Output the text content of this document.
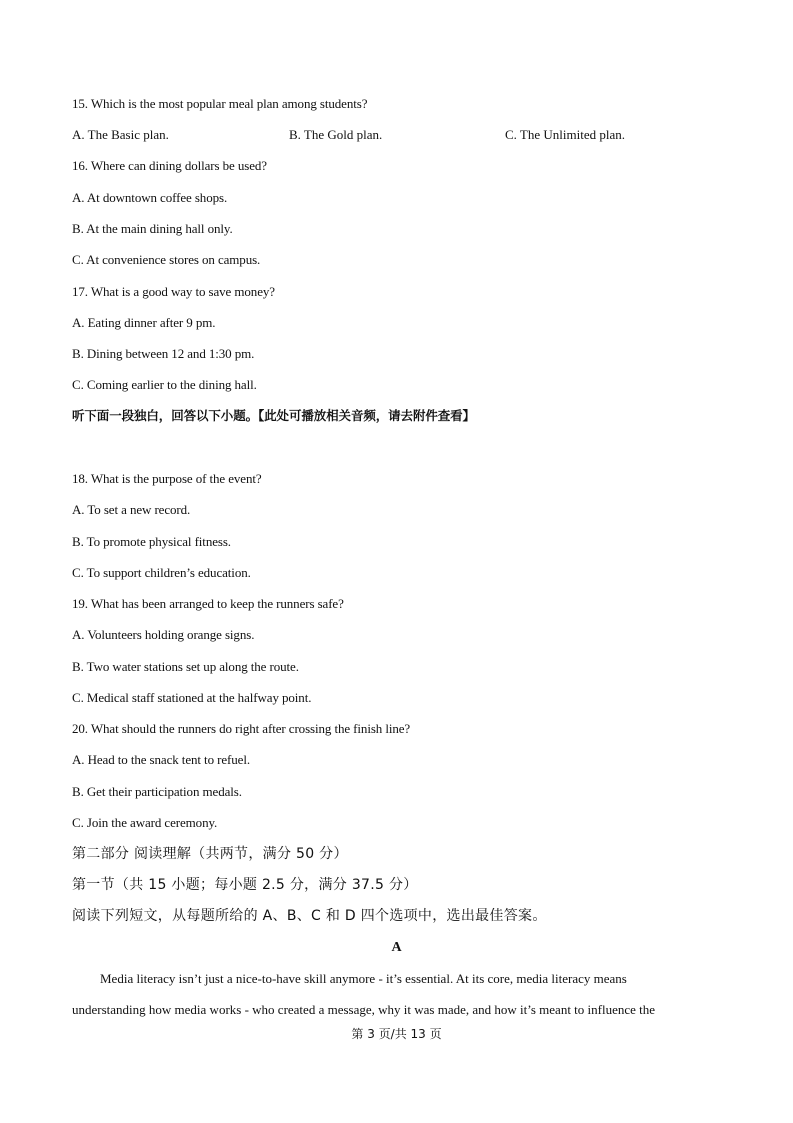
15. Which is the most popular meal plan among students?
A. The Basic plan.	B. The Gold plan.	C. The Unlimited plan.
16. Where can dining dollars be used?
A. At downtown coffee shops.
B. At the main dining hall only.
C. At convenience stores on campus.
17. What is a good way to save money?
A. Eating dinner after 9 pm.
B. Dining between 12 and 1:30 pm.
C. Coming earlier to the dining hall.
听下面一段独白，回答以下小题。【此处可播放相关音频，请去附件查看】
18. What is the purpose of the event?
A. To set a new record.
B. To promote physical fitness.
C. To support children’s education.
19. What has been arranged to keep the runners safe?
A. Volunteers holding orange signs.
B. Two water stations set up along the route.
C. Medical staff stationed at the halfway point.
20. What should the runners do right after crossing the finish line?
A. Head to the snack tent to refuel.
B. Get their participation medals.
C. Join the award ceremony.
第二部分 阅读理解（共两节，满分 50 分）
第一节（共 15 小题；每小题 2.5 分，满分 37.5 分）
阅读下列短文，从每题所给的 A、B、C 和 D 四个选项中，选出最佳答案。
A
Media literacy isn’t just a nice-to-have skill anymore - it’s essential. At its core, media literacy means
understanding how media works - who created a message, why it was made, and how it’s meant to influence the
第 3 页/共 13 页
